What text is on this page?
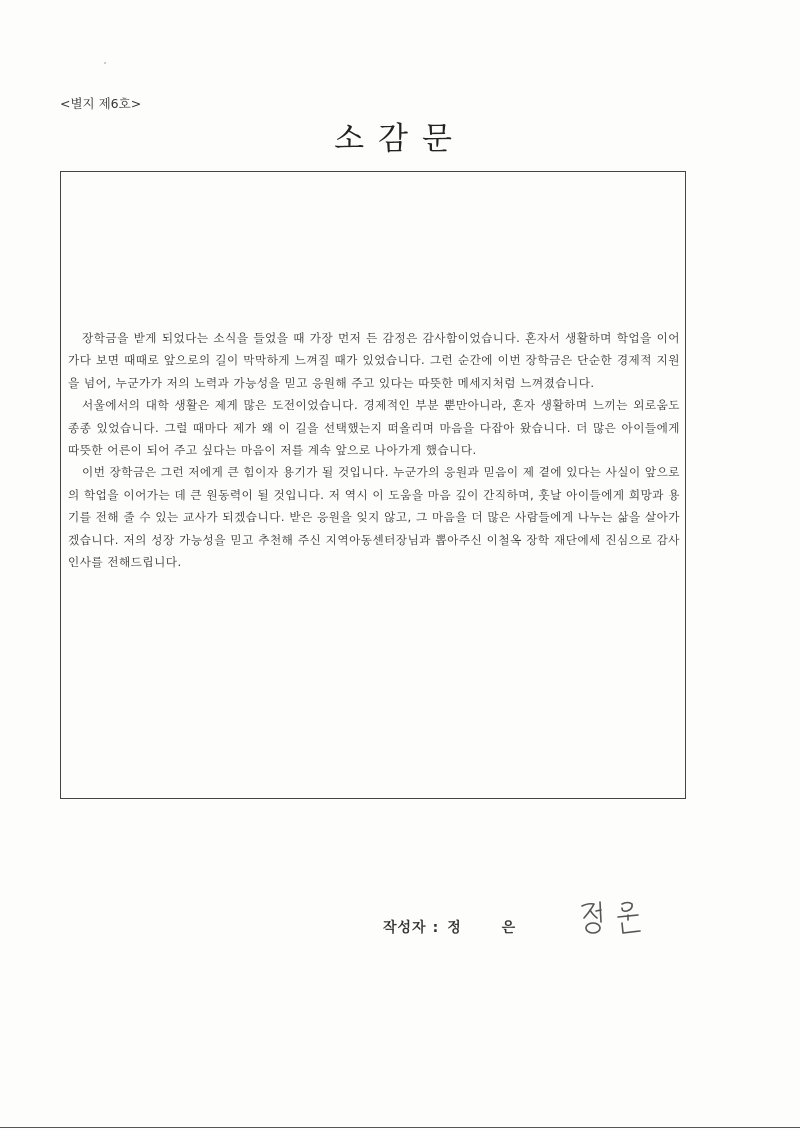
<별지 제6호>
소감문

장학금을 받게 되었다는 소식을 들었을 때 가장 먼저 든 감정은 감사함이었습니다. 혼자서 생활하며 학업을 이어가다 보면 때때로 앞으로의 길이 막막하게 느껴질 때가 있었습니다. 그런 순간에 이번 장학금은 단순한 경제적 지원을 넘어, 누군가가 저의 노력과 가능성을 믿고 응원해 주고 있다는 따뜻한 메세지처럼 느껴졌습니다.

서울에서의 대학 생활은 제게 많은 도전이었습니다. 경제적인 부분 뿐만아니라, 혼자 생활하며 느끼는 외로움도 종종 있었습니다. 그럴 때마다 제가 왜 이 길을 선택했는지 떠올리며 마음을 다잡아 왔습니다. 더 많은 아이들에게 따뜻한 어른이 되어 주고 싶다는 마음이 저를 계속 앞으로 나아가게 했습니다.

이번 장학금은 그런 저에게 큰 힘이자 용기가 될 것입니다. 누군가의 응원과 믿음이 제 곁에 있다는 사실이 앞으로의 학업을 이어가는 데 큰 원동력이 될 것입니다. 저 역시 이 도움을 마음 깊이 간직하며, 훗날 아이들에게 희망과 용기를 전해 줄 수 있는 교사가 되겠습니다. 받은 응원을 잊지 않고, 그 마음을 더 많은 사람들에게 나누는 삶을 살아가겠습니다. 저의 성장 가능성을 믿고 추천해 주신 지역아동센터장님과 뽑아주신 이철옥 장학 재단에세 진심으로 감사 인사를 전해드립니다.

작성자 : 정 은
